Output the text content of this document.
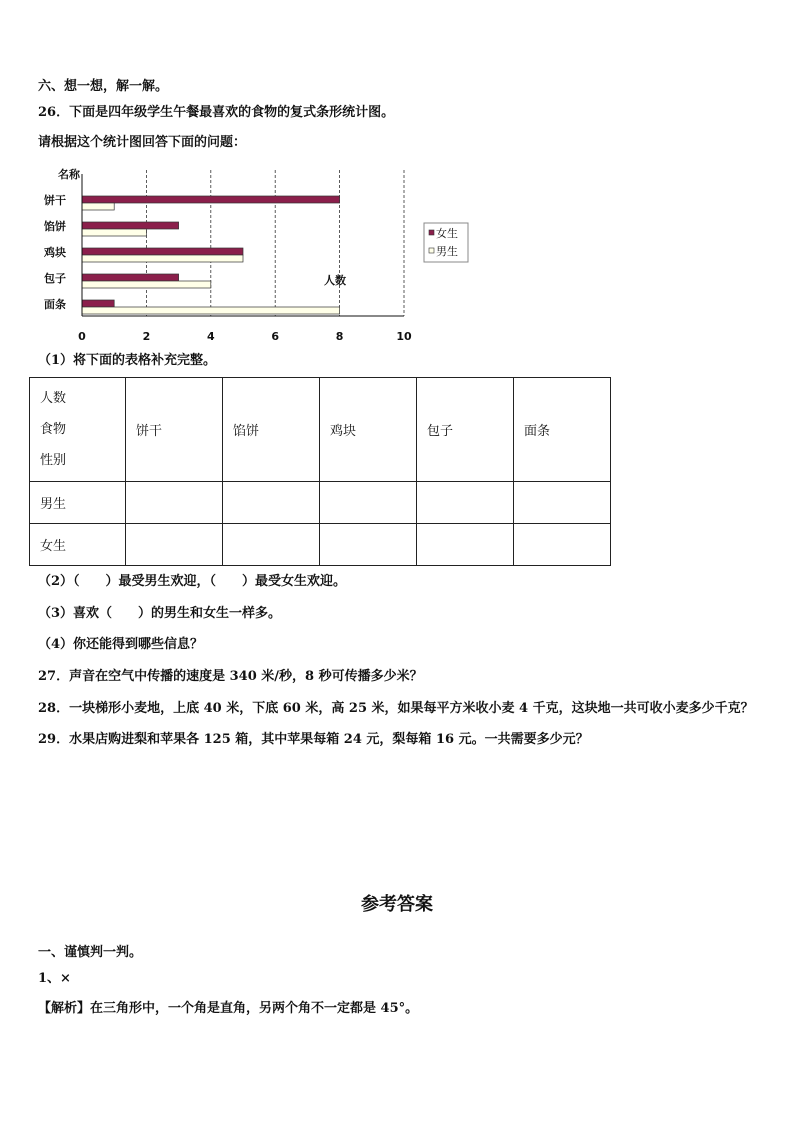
六、想一想，解一解。
26．下面是四年级学生午餐最喜欢的食物的复式条形统计图。
请根据这个统计图回答下面的问题：
0	2	4	6	8	10
饼干
馅饼
鸡块
包子
面条
名称
人数
女生
男生
（1）将下面的表格补充完整。
人数
食物
性别	饼干	馅饼	鸡块	包子	面条
男生					
女生					
（2）（　　）最受男生欢迎，（　　）最受女生欢迎。
（3）喜欢（　　）的男生和女生一样多。
（4）你还能得到哪些信息？
27．声音在空气中传播的速度是 340 米/秒，8 秒可传播多少米？
28．一块梯形小麦地，上底 40 米，下底 60 米，高 25 米，如果每平方米收小麦 4 千克，这块地一共可收小麦多少千克？
29．水果店购进梨和苹果各 125 箱，其中苹果每箱 24 元，梨每箱 16 元。一共需要多少元？
参考答案
一、谨慎判一判。
1、×
【解析】在三角形中，一个角是直角，另两个角不一定都是 45°。
